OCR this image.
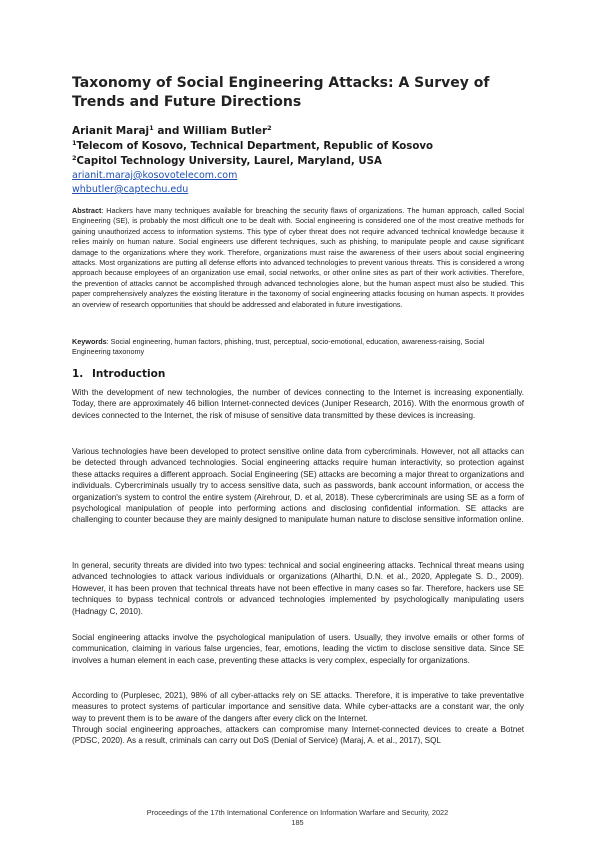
Taxonomy of Social Engineering Attacks: A Survey of Trends and Future Directions
Arianit Maraj$^1$ and William Butler$^2$
$^1$Telecom of Kosovo, Technical Department, Republic of Kosovo
$^2$Capitol Technology University, Laurel, Maryland, USA
arianit.maraj@kosovotelecom.com
whbutler@captechu.edu
Abstract: Hackers have many techniques available for breaching the security flaws of organizations. The human approach, called Social Engineering (SE), is probably the most difficult one to be dealt with. Social engineering is considered one of the most creative methods for gaining unauthorized access to information systems. This type of cyber threat does not require advanced technical knowledge because it relies mainly on human nature. Social engineers use different techniques, such as phishing, to manipulate people and cause significant damage to the organizations where they work. Therefore, organizations must raise the awareness of their users about social engineering attacks. Most organizations are putting all defense efforts into advanced technologies to prevent various threats. This is considered a wrong approach because employees of an organization use email, social networks, or other online sites as part of their work activities. Therefore, the prevention of attacks cannot be accomplished through advanced technologies alone, but the human aspect must also be studied. This paper comprehensively analyzes the existing literature in the taxonomy of social engineering attacks focusing on human aspects. It provides an overview of research opportunities that should be addressed and elaborated in future investigations.
Keywords: Social engineering, human factors, phishing, trust, perceptual, socio-emotional, education, awareness-raising, Social Engineering taxonomy
1. Introduction
With the development of new technologies, the number of devices connecting to the Internet is increasing exponentially. Today, there are approximately 46 billion Internet-connected devices (Juniper Research, 2016). With the enormous growth of devices connected to the Internet, the risk of misuse of sensitive data transmitted by these devices is increasing.
Various technologies have been developed to protect sensitive online data from cybercriminals. However, not all attacks can be detected through advanced technologies. Social engineering attacks require human interactivity, so protection against these attacks requires a different approach. Social Engineering (SE) attacks are becoming a major threat to organizations and individuals. Cybercriminals usually try to access sensitive data, such as passwords, bank account information, or access the organization's system to control the entire system (Airehrour, D. et al, 2018). These cybercriminals are using SE as a form of psychological manipulation of people into performing actions and disclosing confidential information. SE attacks are challenging to counter because they are mainly designed to manipulate human nature to disclose sensitive information online.
In general, security threats are divided into two types: technical and social engineering attacks. Technical threat means using advanced technologies to attack various individuals or organizations (Alharthi, D.N. et al., 2020, Applegate S. D., 2009). However, it has been proven that technical threats have not been effective in many cases so far. Therefore, hackers use SE techniques to bypass technical controls or advanced technologies implemented by psychologically manipulating users (Hadnagy C, 2010).
Social engineering attacks involve the psychological manipulation of users. Usually, they involve emails or other forms of communication, claiming in various false urgencies, fear, emotions, leading the victim to disclose sensitive data. Since SE involves a human element in each case, preventing these attacks is very complex, especially for organizations.
According to (Purplesec, 2021), 98% of all cyber-attacks rely on SE attacks. Therefore, it is imperative to take preventative measures to protect systems of particular importance and sensitive data. While cyber-attacks are a constant war, the only way to prevent them is to be aware of the dangers after every click on the Internet.
Through social engineering approaches, attackers can compromise many Internet-connected devices to create a Botnet (PDSC, 2020). As a result, criminals can carry out DoS (Denial of Service) (Maraj, A. et al., 2017), SQL
Proceedings of the 17th International Conference on Information Warfare and Security, 2022
185
